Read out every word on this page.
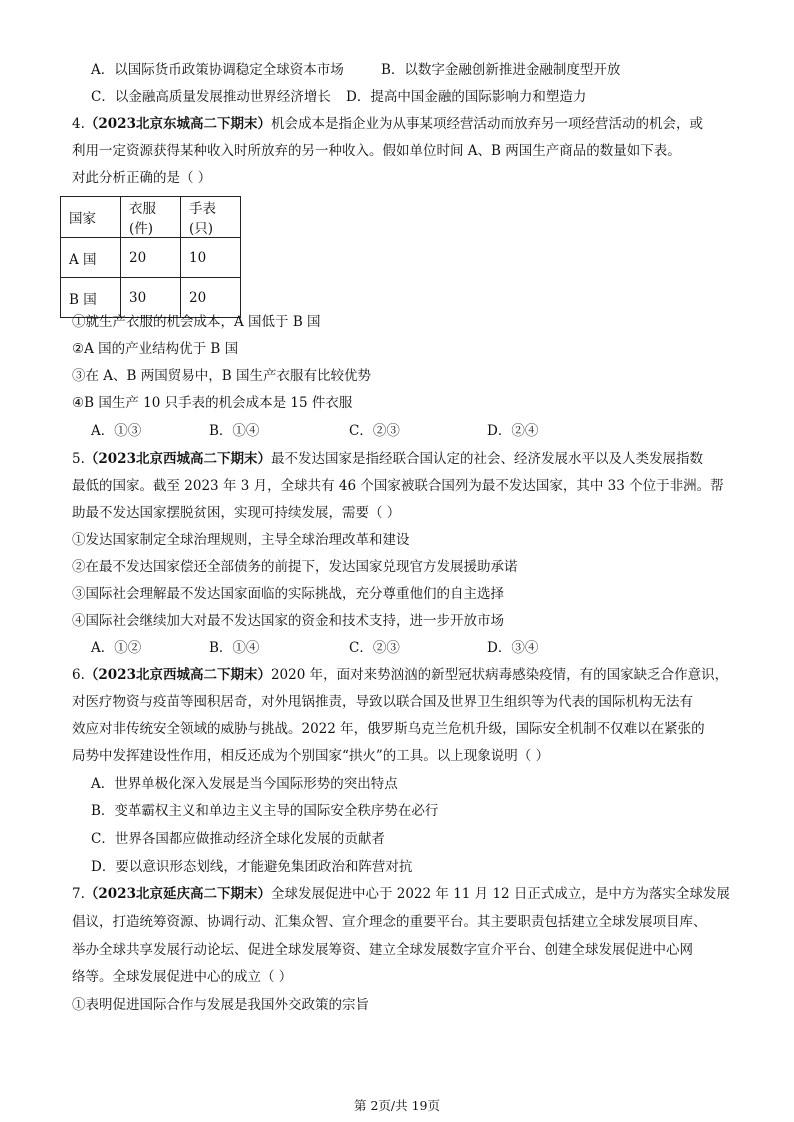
A．以国际货币政策协调稳定全球资本市场	B．以数字金融创新推进金融制度型开放
C．以金融高质量发展推动世界经济增长 D．提高中国金融的国际影响力和塑造力
4.（2023北京东城高二下期末）机会成本是指企业为从事某项经营活动而放弃另一项经营活动的机会，或
利用一定资源获得某种收入时所放弃的另一种收入。假如单位时间 A、B 两国生产商品的数量如下表。
对此分析正确的是（ ）
国家	衣服(件)	手表(只)
A 国	20	10
B 国	30	20
①就生产衣服的机会成本，A 国低于 B 国
②A 国的产业结构优于 B 国
③在 A、B 两国贸易中，B 国生产衣服有比较优势
④B 国生产 10 只手表的机会成本是 15 件衣服
A．①③	B．①④	C．②③	D．②④
5.（2023北京西城高二下期末）最不发达国家是指经联合国认定的社会、经济发展水平以及人类发展指数
最低的国家。截至 2023 年 3 月，全球共有 46 个国家被联合国列为最不发达国家，其中 33 个位于非洲。帮
助最不发达国家摆脱贫困，实现可持续发展，需要（ ）
①发达国家制定全球治理规则，主导全球治理改革和建设
②在最不发达国家偿还全部债务的前提下，发达国家兑现官方发展援助承诺
③国际社会理解最不发达国家面临的实际挑战，充分尊重他们的自主选择
④国际社会继续加大对最不发达国家的资金和技术支持，进一步开放市场
A．①②	B．①④	C．②③	D．③④
6.（2023北京西城高二下期末）2020 年，面对来势汹汹的新型冠状病毒感染疫情，有的国家缺乏合作意识，
对医疗物资与疫苗等囤积居奇，对外甩锅推责，导致以联合国及世界卫生组织等为代表的国际机构无法有
效应对非传统安全领域的威胁与挑战。2022 年，俄罗斯乌克兰危机升级，国际安全机制不仅难以在紧张的
局势中发挥建设性作用，相反还成为个别国家“拱火”的工具。以上现象说明（ ）
A．世界单极化深入发展是当今国际形势的突出特点
B．变革霸权主义和单边主义主导的国际安全秩序势在必行
C．世界各国都应做推动经济全球化发展的贡献者
D．要以意识形态划线，才能避免集团政治和阵营对抗
7.（2023北京延庆高二下期末）全球发展促进中心于 2022 年 11 月 12 日正式成立，是中方为落实全球发展
倡议，打造统筹资源、协调行动、汇集众智、宣介理念的重要平台。其主要职责包括建立全球发展项目库、
举办全球共享发展行动论坛、促进全球发展筹资、建立全球发展数字宣介平台、创建全球发展促进中心网
络等。全球发展促进中心的成立（ ）
①表明促进国际合作与发展是我国外交政策的宗旨
第 2页/共 19页
